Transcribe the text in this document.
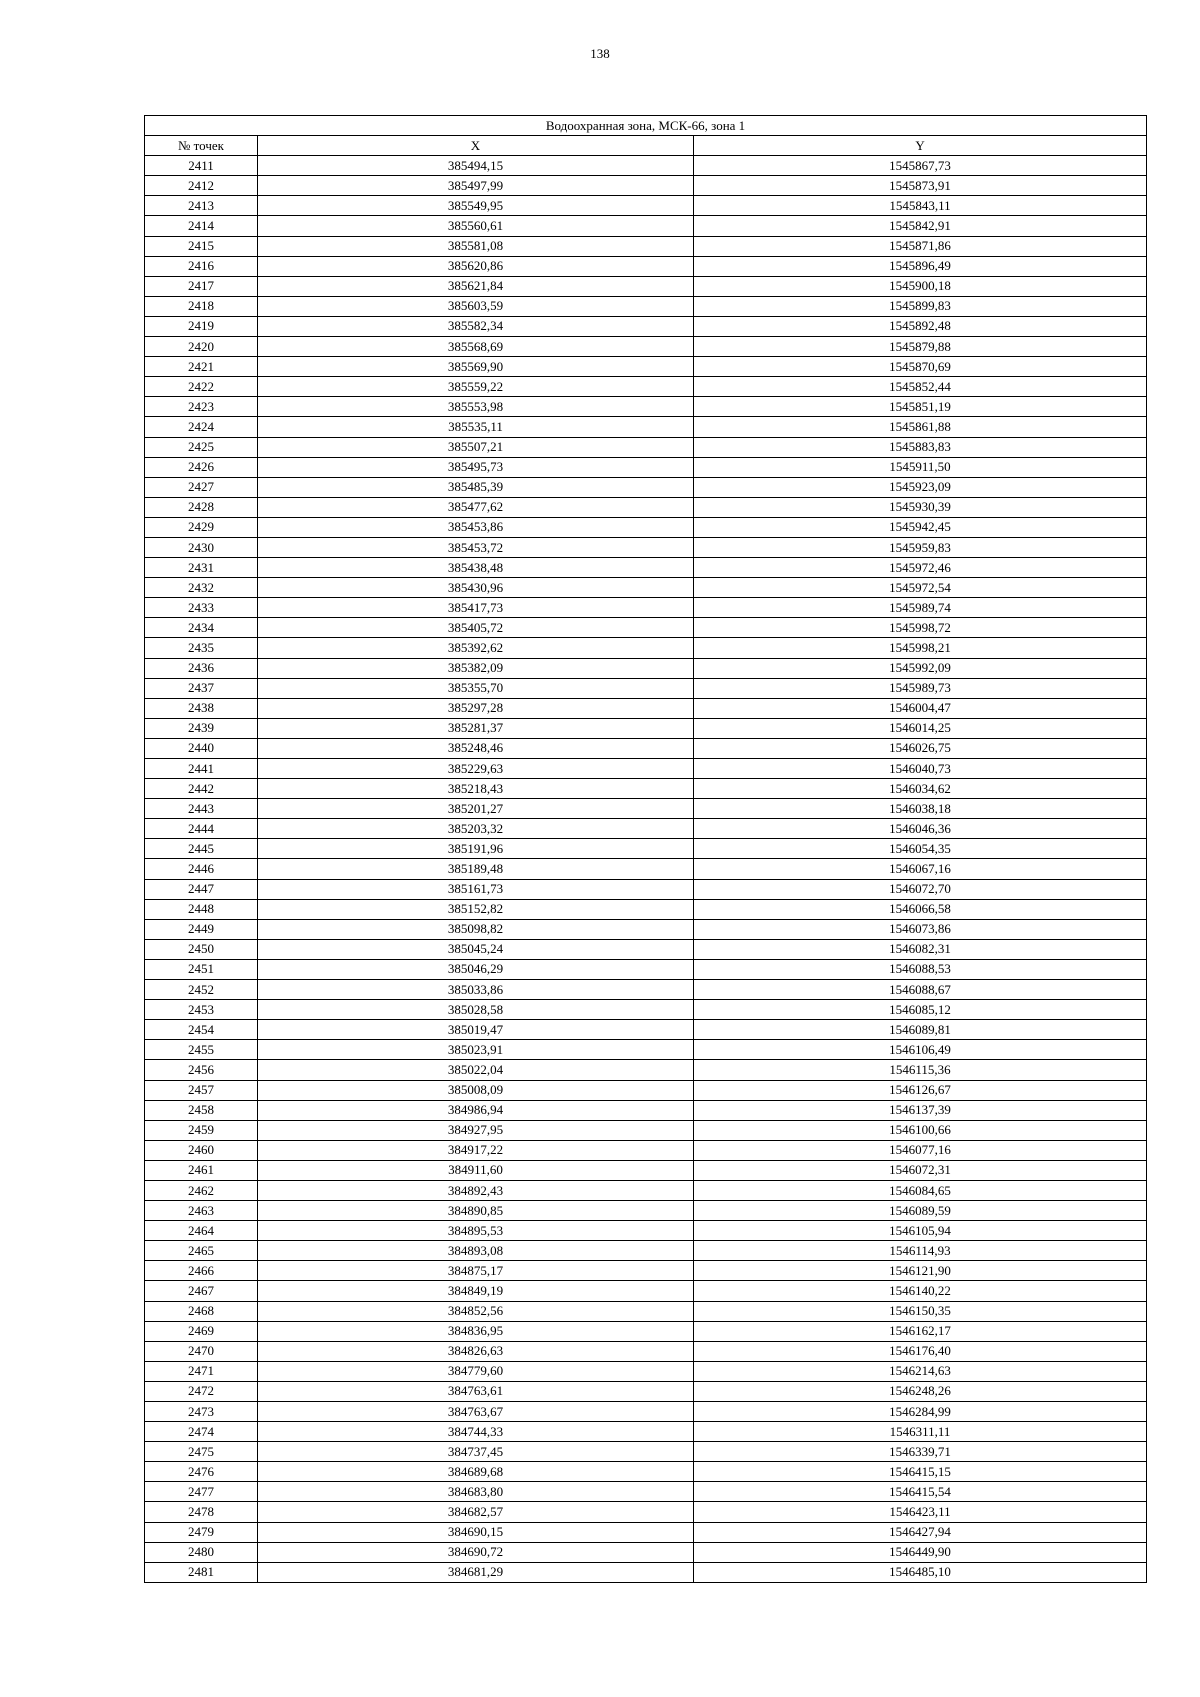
138
Водоохранная зона, МСК-66, зона 1		
№ точек	X	Y
2411	385494,15	1545867,73
2412	385497,99	1545873,91
2413	385549,95	1545843,11
2414	385560,61	1545842,91
2415	385581,08	1545871,86
2416	385620,86	1545896,49
2417	385621,84	1545900,18
2418	385603,59	1545899,83
2419	385582,34	1545892,48
2420	385568,69	1545879,88
2421	385569,90	1545870,69
2422	385559,22	1545852,44
2423	385553,98	1545851,19
2424	385535,11	1545861,88
2425	385507,21	1545883,83
2426	385495,73	1545911,50
2427	385485,39	1545923,09
2428	385477,62	1545930,39
2429	385453,86	1545942,45
2430	385453,72	1545959,83
2431	385438,48	1545972,46
2432	385430,96	1545972,54
2433	385417,73	1545989,74
2434	385405,72	1545998,72
2435	385392,62	1545998,21
2436	385382,09	1545992,09
2437	385355,70	1545989,73
2438	385297,28	1546004,47
2439	385281,37	1546014,25
2440	385248,46	1546026,75
2441	385229,63	1546040,73
2442	385218,43	1546034,62
2443	385201,27	1546038,18
2444	385203,32	1546046,36
2445	385191,96	1546054,35
2446	385189,48	1546067,16
2447	385161,73	1546072,70
2448	385152,82	1546066,58
2449	385098,82	1546073,86
2450	385045,24	1546082,31
2451	385046,29	1546088,53
2452	385033,86	1546088,67
2453	385028,58	1546085,12
2454	385019,47	1546089,81
2455	385023,91	1546106,49
2456	385022,04	1546115,36
2457	385008,09	1546126,67
2458	384986,94	1546137,39
2459	384927,95	1546100,66
2460	384917,22	1546077,16
2461	384911,60	1546072,31
2462	384892,43	1546084,65
2463	384890,85	1546089,59
2464	384895,53	1546105,94
2465	384893,08	1546114,93
2466	384875,17	1546121,90
2467	384849,19	1546140,22
2468	384852,56	1546150,35
2469	384836,95	1546162,17
2470	384826,63	1546176,40
2471	384779,60	1546214,63
2472	384763,61	1546248,26
2473	384763,67	1546284,99
2474	384744,33	1546311,11
2475	384737,45	1546339,71
2476	384689,68	1546415,15
2477	384683,80	1546415,54
2478	384682,57	1546423,11
2479	384690,15	1546427,94
2480	384690,72	1546449,90
2481	384681,29	1546485,10
